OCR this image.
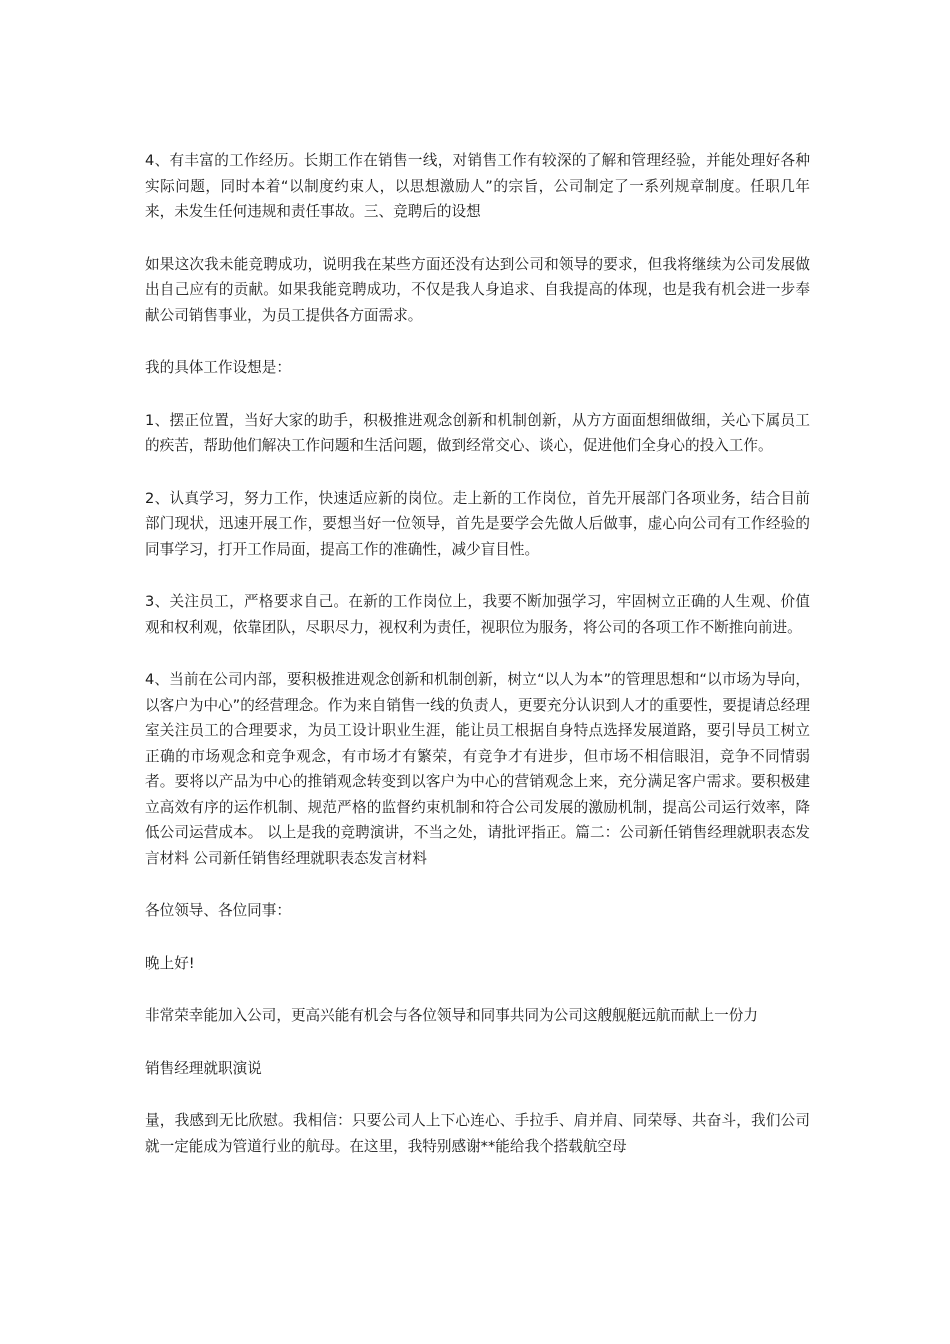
4、有丰富的工作经历。长期工作在销售一线，对销售工作有较深的了解和管理经验，并能处理好各种实际问题，同时本着“以制度约束人，以思想激励人”的宗旨，公司制定了一系列规章制度。任职几年来，未发生任何违规和责任事故。三、竞聘后的设想

如果这次我未能竞聘成功，说明我在某些方面还没有达到公司和领导的要求，但我将继续为公司发展做出自己应有的贡献。如果我能竞聘成功，不仅是我人身追求、自我提高的体现，也是我有机会进一步奉献公司销售事业，为员工提供各方面需求。

我的具体工作设想是：

1、摆正位置，当好大家的助手，积极推进观念创新和机制创新，从方方面面想细做细，关心下属员工的疾苦，帮助他们解决工作问题和生活问题，做到经常交心、谈心，促进他们全身心的投入工作。

2、认真学习，努力工作，快速适应新的岗位。走上新的工作岗位，首先开展部门各项业务，结合目前部门现状，迅速开展工作，要想当好一位领导，首先是要学会先做人后做事，虚心向公司有工作经验的同事学习，打开工作局面，提高工作的准确性，减少盲目性。

3、关注员工，严格要求自己。在新的工作岗位上，我要不断加强学习，牢固树立正确的人生观、价值观和权利观，依靠团队，尽职尽力，视权利为责任，视职位为服务，将公司的各项工作不断推向前进。

4、当前在公司内部，要积极推进观念创新和机制创新，树立“以人为本”的管理思想和“以市场为导向，以客户为中心”的经营理念。作为来自销售一线的负责人，更要充分认识到人才的重要性，要提请总经理室关注员工的合理要求，为员工设计职业生涯，能让员工根据自身特点选择发展道路，要引导员工树立正确的市场观念和竞争观念，有市场才有繁荣，有竞争才有进步，但市场不相信眼泪，竞争不同情弱者。要将以产品为中心的推销观念转变到以客户为中心的营销观念上来，充分满足客户需求。要积极建立高效有序的运作机制、规范严格的监督约束机制和符合公司发展的激励机制，提高公司运行效率，降低公司运营成本。 以上是我的竞聘演讲，不当之处，请批评指正。篇二：公司新任销售经理就职表态发言材料 公司新任销售经理就职表态发言材料

各位领导、各位同事：

晚上好!

非常荣幸能加入公司，更高兴能有机会与各位领导和同事共同为公司这艘舰艇远航而献上一份力

销售经理就职演说

量，我感到无比欣慰。我相信：只要公司人上下心连心、手拉手、肩并肩、同荣辱、共奋斗，我们公司就一定能成为管道行业的航母。在这里，我特别感谢**能给我个搭载航空母
